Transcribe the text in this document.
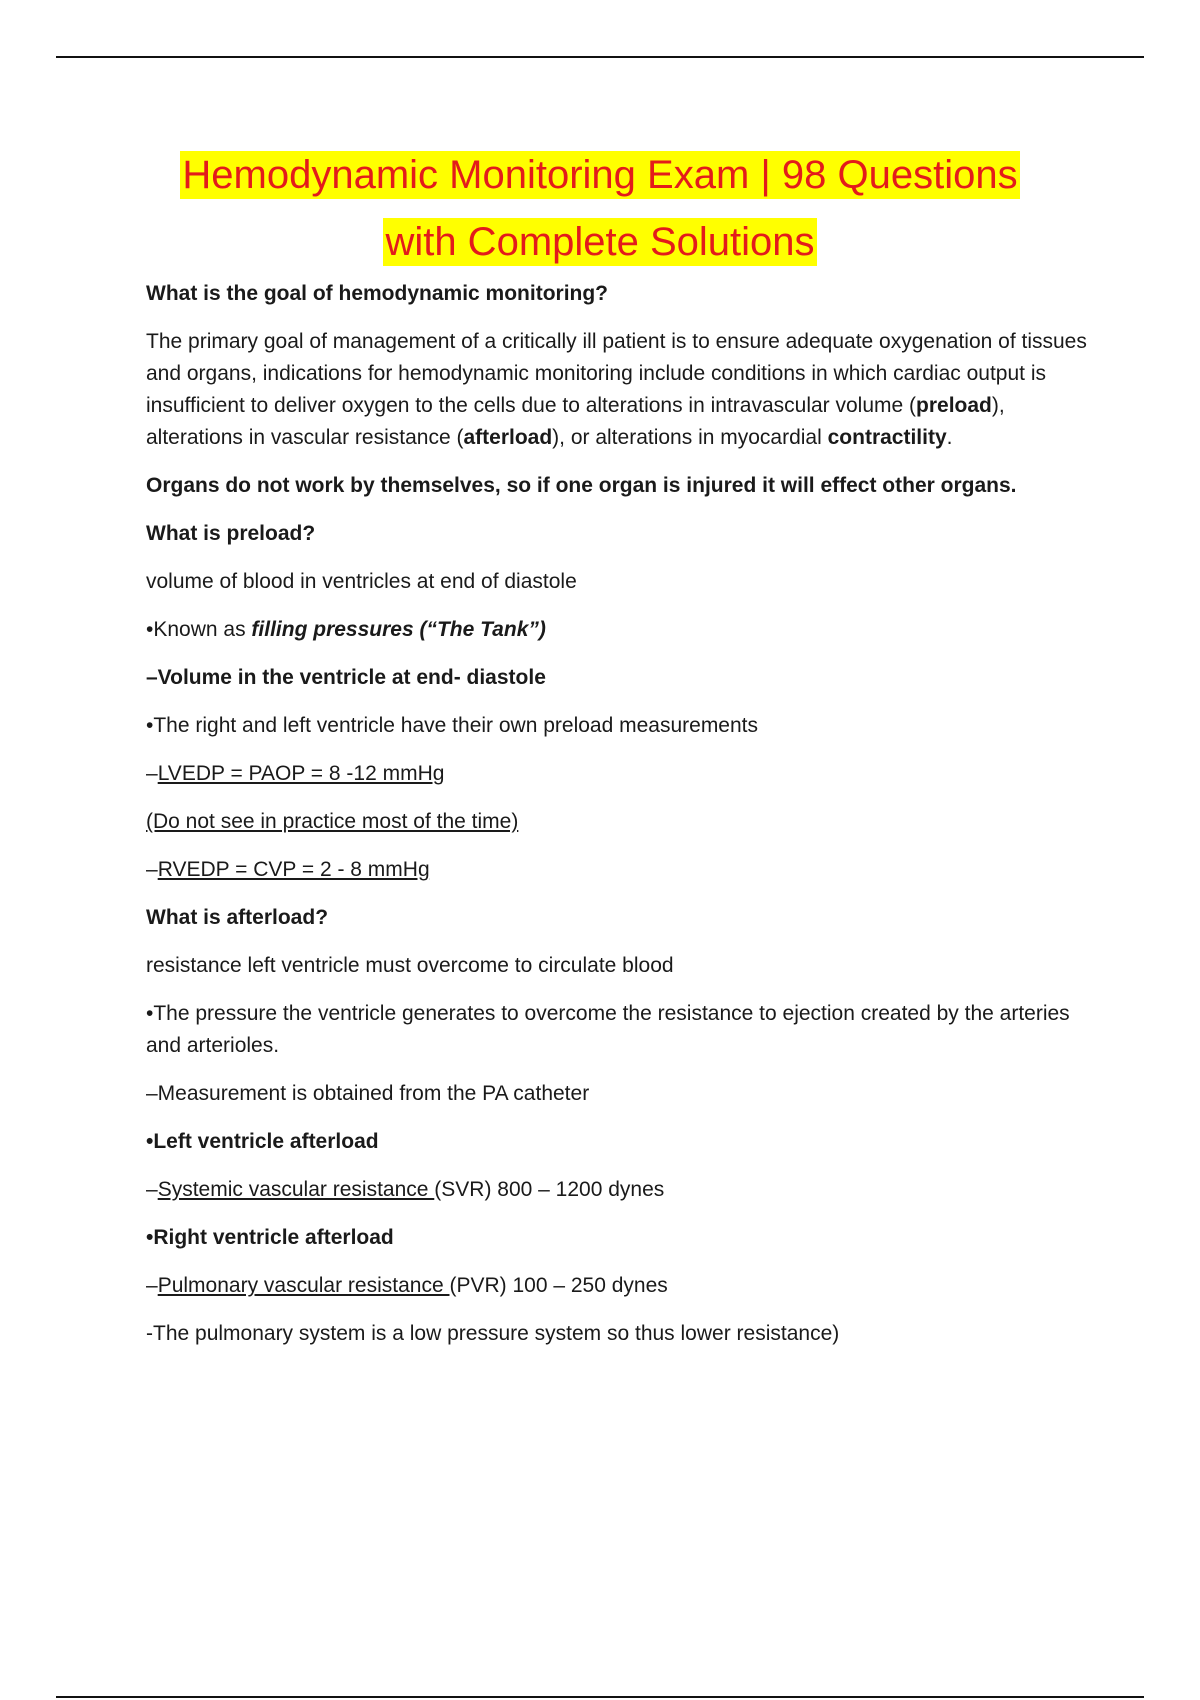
Hemodynamic Monitoring Exam | 98 Questions
with Complete Solutions

What is the goal of hemodynamic monitoring?

The primary goal of management of a critically ill patient is to ensure adequate oxygenation of tissues and organs, indications for hemodynamic monitoring include conditions in which cardiac output is insufficient to deliver oxygen to the cells due to alterations in intravascular volume (preload), alterations in vascular resistance (afterload), or alterations in myocardial contractility.

Organs do not work by themselves, so if one organ is injured it will effect other organs.

What is preload?

volume of blood in ventricles at end of diastole

•Known as filling pressures (“The Tank”)

–Volume in the ventricle at end- diastole

•The right and left ventricle have their own preload measurements

–LVEDP = PAOP = 8 -12 mmHg

(Do not see in practice most of the time)

–RVEDP = CVP = 2 - 8 mmHg

What is afterload?

resistance left ventricle must overcome to circulate blood

•The pressure the ventricle generates to overcome the resistance to ejection created by the arteries and arterioles.

–Measurement is obtained from the PA catheter

•Left ventricle afterload

–Systemic vascular resistance (SVR) 800 – 1200 dynes

•Right ventricle afterload

–Pulmonary vascular resistance (PVR) 100 – 250 dynes

-The pulmonary system is a low pressure system so thus lower resistance)
